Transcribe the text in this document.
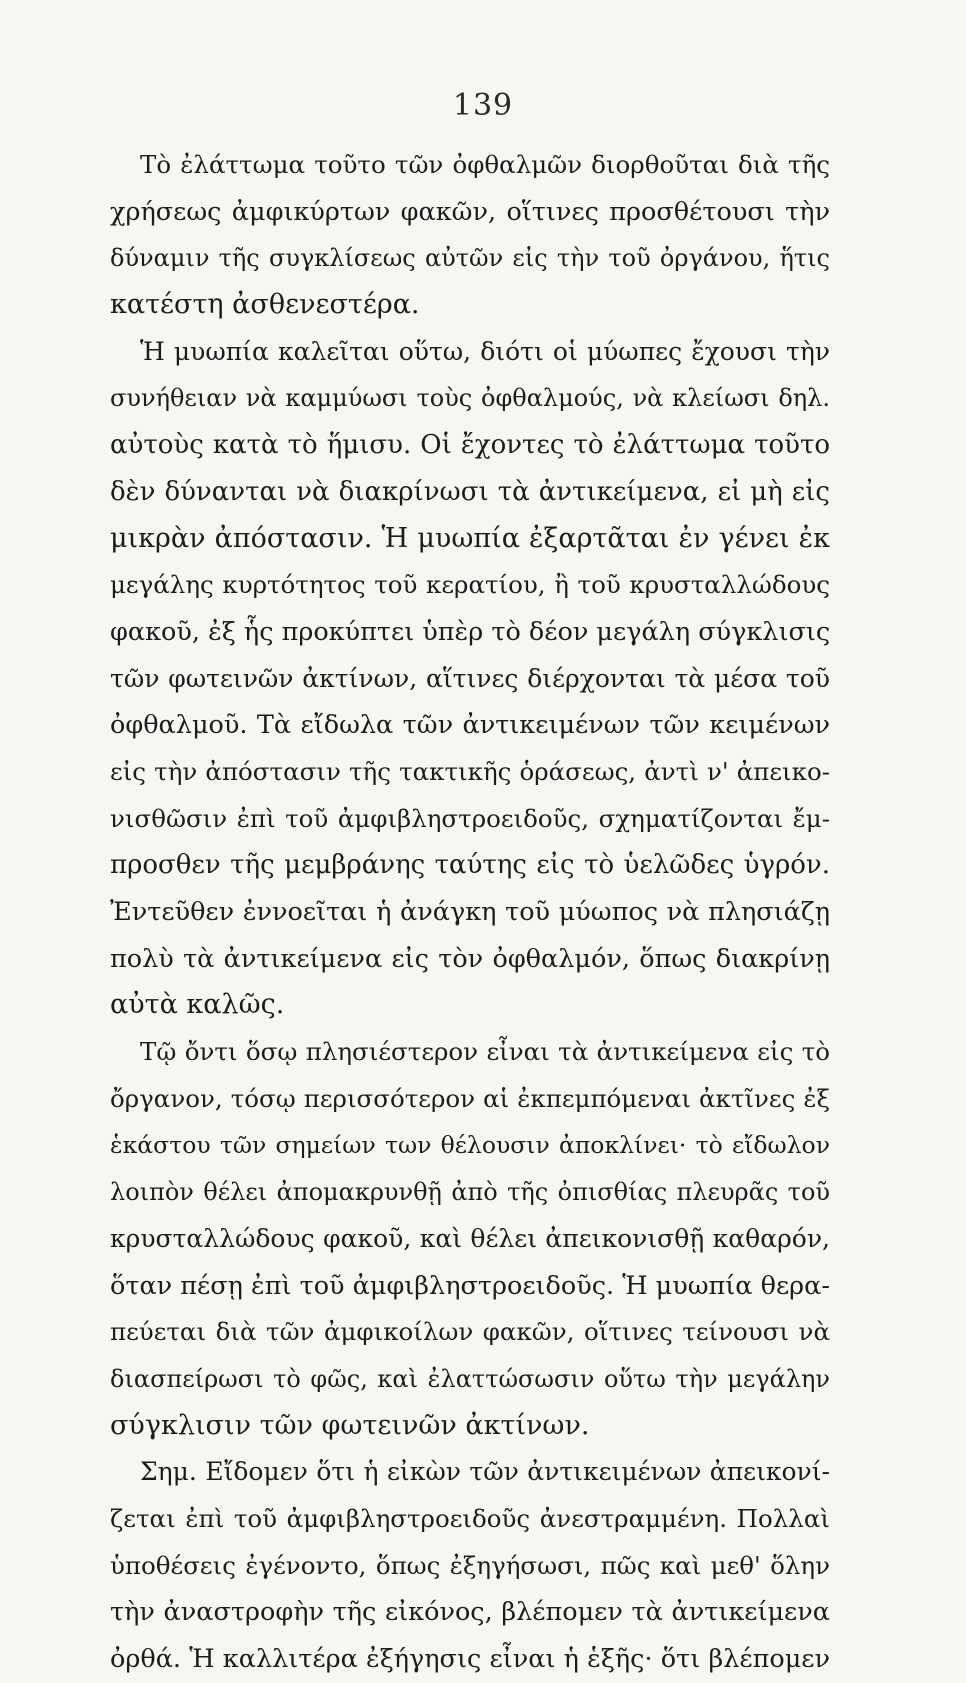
139
Τὸ ἐλάττωμα τοῦτο τῶν ὀφθαλμῶν διορθοῦται διὰ τῆς
χρήσεως ἀμφικύρτων φακῶν, οἵτινες προσθέτουσι τὴν
δύναμιν τῆς συγκλίσεως αὐτῶν εἰς τὴν τοῦ ὀργάνου, ἥτις
κατέστη ἀσθενεστέρα.
Ἡ μυωπία καλεῖται οὕτω, διότι οἱ μύωπες ἔχουσι τὴν
συνήθειαν νὰ καμμύωσι τοὺς ὀφθαλμούς, νὰ κλείωσι δηλ.
αὐτοὺς κατὰ τὸ ἥμισυ. Οἱ ἔχοντες τὸ ἐλάττωμα τοῦτο
δὲν δύνανται νὰ διακρίνωσι τὰ ἀντικείμενα, εἰ μὴ εἰς
μικρὰν ἀπόστασιν. Ἡ μυωπία ἐξαρτᾶται ἐν γένει ἐκ
μεγάλης κυρτότητος τοῦ κερατίου, ἢ τοῦ κρυσταλλώδους
φακοῦ, ἐξ ἧς προκύπτει ὑπὲρ τὸ δέον μεγάλη σύγκλισις
τῶν φωτεινῶν ἀκτίνων, αἵτινες διέρχονται τὰ μέσα τοῦ
ὀφθαλμοῦ. Τὰ εἴδωλα τῶν ἀντικειμένων τῶν κειμένων
εἰς τὴν ἀπόστασιν τῆς τακτικῆς ὁράσεως, ἀντὶ ν' ἀπεικο-
νισθῶσιν ἐπὶ τοῦ ἀμφιβληστροειδοῦς, σχηματίζονται ἔμ-
προσθεν τῆς μεμβράνης ταύτης εἰς τὸ ὑελῶδες ὑγρόν.
Ἐντεῦθεν ἐννοεῖται ἡ ἀνάγκη τοῦ μύωπος νὰ πλησιάζῃ
πολὺ τὰ ἀντικείμενα εἰς τὸν ὀφθαλμόν, ὅπως διακρίνῃ
αὐτὰ καλῶς.
Τῷ ὄντι ὅσῳ πλησιέστερον εἶναι τὰ ἀντικείμενα εἰς τὸ
ὄργανον, τόσῳ περισσότερον αἱ ἐκπεμπόμεναι ἀκτῖνες ἐξ
ἑκάστου τῶν σημείων των θέλουσιν ἀποκλίνει· τὸ εἴδωλον
λοιπὸν θέλει ἀπομακρυνθῇ ἀπὸ τῆς ὀπισθίας πλευρᾶς τοῦ
κρυσταλλώδους φακοῦ, καὶ θέλει ἀπεικονισθῇ καθαρόν,
ὅταν πέσῃ ἐπὶ τοῦ ἀμφιβληστροειδοῦς. Ἡ μυωπία θερα-
πεύεται διὰ τῶν ἀμφικοίλων φακῶν, οἵτινες τείνουσι νὰ
διασπείρωσι τὸ φῶς, καὶ ἐλαττώσωσιν οὕτω τὴν μεγάλην
σύγκλισιν τῶν φωτεινῶν ἀκτίνων.
Σημ. Εἴδομεν ὅτι ἡ εἰκὼν τῶν ἀντικειμένων ἀπεικονί-
ζεται ἐπὶ τοῦ ἀμφιβληστροειδοῦς ἀνεστραμμένη. Πολλαὶ
ὑποθέσεις ἐγένοντο, ὅπως ἐξηγήσωσι, πῶς καὶ μεθ' ὅλην
τὴν ἀναστροφὴν τῆς εἰκόνος, βλέπομεν τὰ ἀντικείμενα
ὀρθά. Ἡ καλλιτέρα ἐξήγησις εἶναι ἡ ἑξῆς· ὅτι βλέπομεν
